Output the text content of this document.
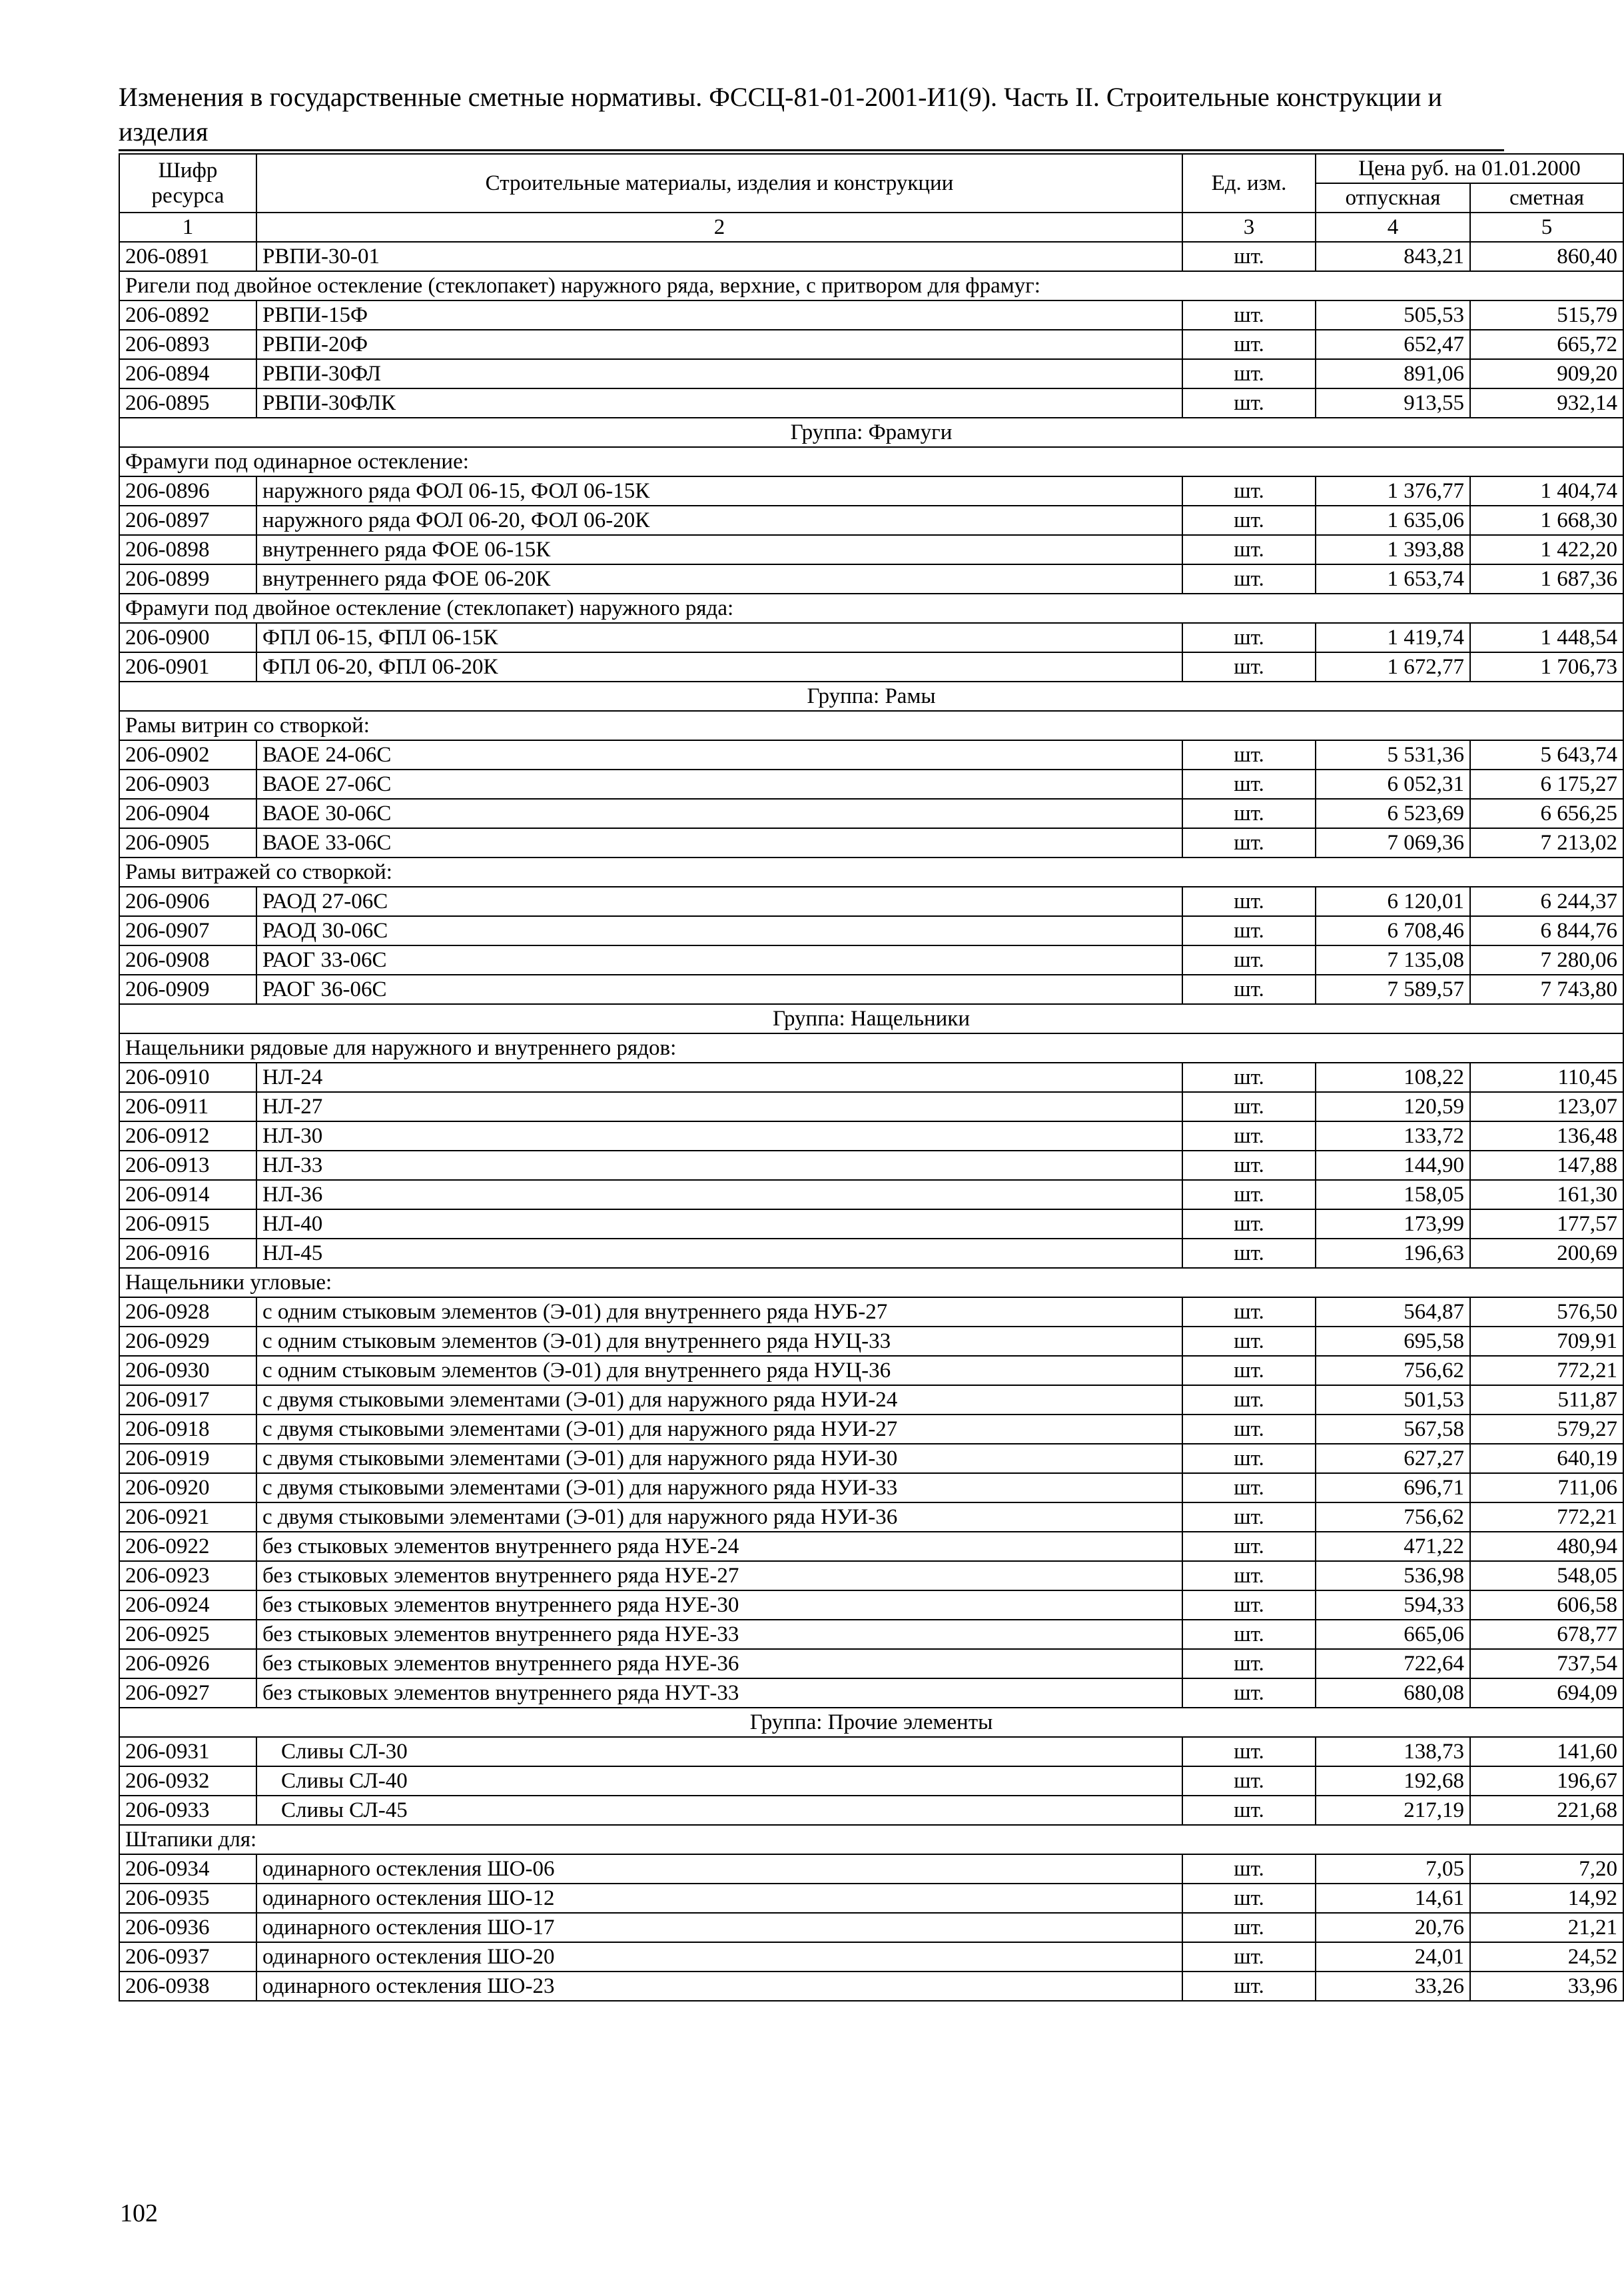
Изменения в государственные сметные нормативы. ФССЦ-81-01-2001-И1(9). Часть II. Строительные конструкции и изделия
Шифр ресурса	Строительные материалы, изделия и конструкции	Ед. изм.	Цена руб. на 01.01.2000	
			отпускная	сметная
1	2	3	4	5
206-0891	РВПИ-30-01	шт.	843,21	860,40
Ригели под двойное остекление (стеклопакет) наружного ряда, верхние, с притвором для фрамуг:				
206-0892	РВПИ-15Ф	шт.	505,53	515,79
206-0893	РВПИ-20Ф	шт.	652,47	665,72
206-0894	РВПИ-30ФЛ	шт.	891,06	909,20
206-0895	РВПИ-30ФЛК	шт.	913,55	932,14
Группа: Фрамуги				
Фрамуги под одинарное остекление:				
206-0896	наружного ряда ФОЛ 06-15, ФОЛ 06-15К	шт.	1 376,77	1 404,74
206-0897	наружного ряда ФОЛ 06-20, ФОЛ 06-20К	шт.	1 635,06	1 668,30
206-0898	внутреннего ряда ФОЕ 06-15К	шт.	1 393,88	1 422,20
206-0899	внутреннего ряда ФОЕ 06-20К	шт.	1 653,74	1 687,36
Фрамуги под двойное остекление (стеклопакет) наружного ряда:				
206-0900	ФПЛ 06-15, ФПЛ 06-15К	шт.	1 419,74	1 448,54
206-0901	ФПЛ 06-20, ФПЛ 06-20К	шт.	1 672,77	1 706,73
Группа: Рамы				
Рамы витрин со створкой:				
206-0902	ВАОЕ 24-06С	шт.	5 531,36	5 643,74
206-0903	ВАОЕ 27-06С	шт.	6 052,31	6 175,27
206-0904	ВАОЕ 30-06С	шт.	6 523,69	6 656,25
206-0905	ВАОЕ 33-06С	шт.	7 069,36	7 213,02
Рамы витражей со створкой:				
206-0906	РАОД 27-06С	шт.	6 120,01	6 244,37
206-0907	РАОД 30-06С	шт.	6 708,46	6 844,76
206-0908	РАОГ 33-06С	шт.	7 135,08	7 280,06
206-0909	РАОГ 36-06С	шт.	7 589,57	7 743,80
Группа: Нащельники				
Нащельники рядовые для наружного и внутреннего рядов:				
206-0910	НЛ-24	шт.	108,22	110,45
206-0911	НЛ-27	шт.	120,59	123,07
206-0912	НЛ-30	шт.	133,72	136,48
206-0913	НЛ-33	шт.	144,90	147,88
206-0914	НЛ-36	шт.	158,05	161,30
206-0915	НЛ-40	шт.	173,99	177,57
206-0916	НЛ-45	шт.	196,63	200,69
Нащельники угловые:				
206-0928	с одним стыковым элементов (Э-01) для внутреннего ряда НУБ-27	шт.	564,87	576,50
206-0929	с одним стыковым элементов (Э-01) для внутреннего ряда НУЦ-33	шт.	695,58	709,91
206-0930	с одним стыковым элементов (Э-01) для внутреннего ряда НУЦ-36	шт.	756,62	772,21
206-0917	с двумя стыковыми элементами (Э-01) для наружного ряда НУИ-24	шт.	501,53	511,87
206-0918	с двумя стыковыми элементами (Э-01) для наружного ряда НУИ-27	шт.	567,58	579,27
206-0919	с двумя стыковыми элементами (Э-01) для наружного ряда НУИ-30	шт.	627,27	640,19
206-0920	с двумя стыковыми элементами (Э-01) для наружного ряда НУИ-33	шт.	696,71	711,06
206-0921	с двумя стыковыми элементами (Э-01) для наружного ряда НУИ-36	шт.	756,62	772,21
206-0922	без стыковых элементов внутреннего ряда НУЕ-24	шт.	471,22	480,94
206-0923	без стыковых элементов внутреннего ряда НУЕ-27	шт.	536,98	548,05
206-0924	без стыковых элементов внутреннего ряда НУЕ-30	шт.	594,33	606,58
206-0925	без стыковых элементов внутреннего ряда НУЕ-33	шт.	665,06	678,77
206-0926	без стыковых элементов внутреннего ряда НУЕ-36	шт.	722,64	737,54
206-0927	без стыковых элементов внутреннего ряда НУТ-33	шт.	680,08	694,09
Группа: Прочие элементы				
206-0931	Сливы СЛ-30	шт.	138,73	141,60
206-0932	Сливы СЛ-40	шт.	192,68	196,67
206-0933	Сливы СЛ-45	шт.	217,19	221,68
Штапики для:				
206-0934	одинарного остекления ШО-06	шт.	7,05	7,20
206-0935	одинарного остекления ШО-12	шт.	14,61	14,92
206-0936	одинарного остекления ШО-17	шт.	20,76	21,21
206-0937	одинарного остекления ШО-20	шт.	24,01	24,52
206-0938	одинарного остекления ШО-23	шт.	33,26	33,96
102
